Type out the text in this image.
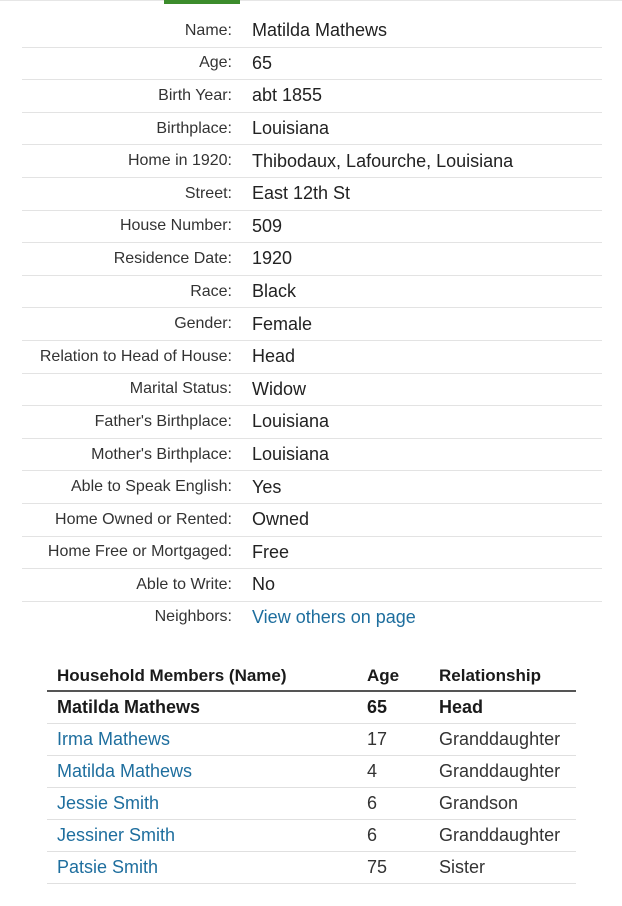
Name:	Matilda Mathews
Age:	65
Birth Year:	abt 1855
Birthplace:	Louisiana
Home in 1920:	Thibodaux, Lafourche, Louisiana
Street:	East 12th St
House Number:	509
Residence Date:	1920
Race:	Black
Gender:	Female
Relation to Head of House:	Head
Marital Status:	Widow
Father's Birthplace:	Louisiana
Mother's Birthplace:	Louisiana
Able to Speak English:	Yes
Home Owned or Rented:	Owned
Home Free or Mortgaged:	Free
Able to Write:	No
Neighbors:	View others on page
Household Members (Name)	Age	Relationship
Matilda Mathews	65	Head
Irma Mathews	17	Granddaughter
Matilda Mathews	4	Granddaughter
Jessie Smith	6	Grandson
Jessiner Smith	6	Granddaughter
Patsie Smith	75	Sister
